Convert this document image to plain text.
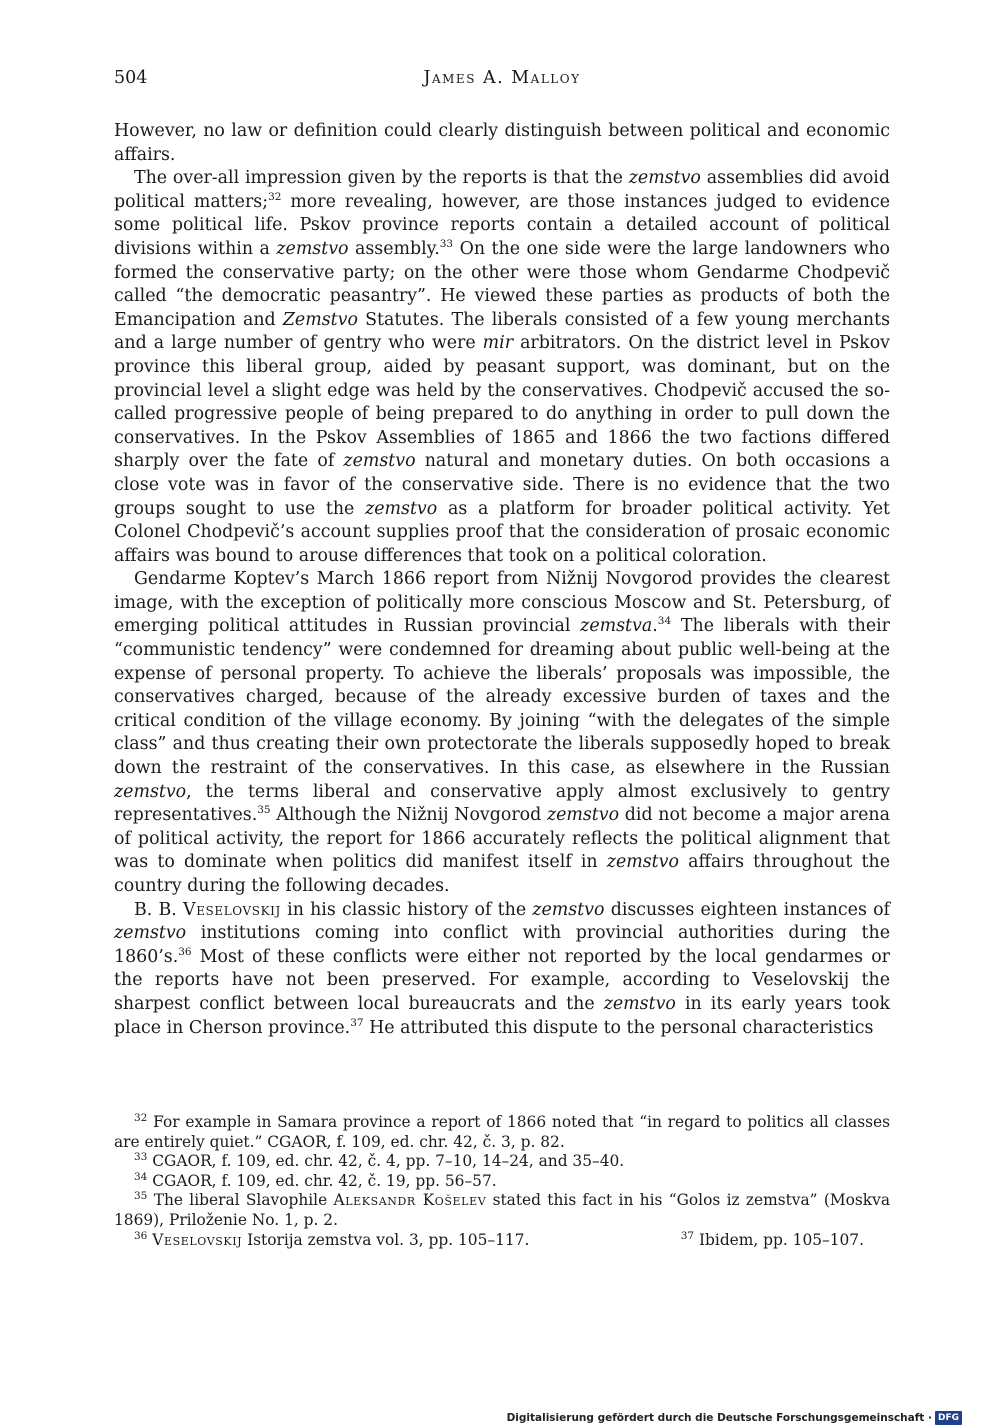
504	James A. Malloy

However, no law or definition could clearly distinguish between political and economic affairs.

The over-all impression given by the reports is that the zemstvo assemblies did avoid political matters;$^{32}$ more revealing, however, are those instances judged to evidence some political life. Pskov province reports contain a detailed account of political divisions within a zemstvo assembly.$^{33}$ On the one side were the large landowners who formed the conservative party; on the other were those whom Gendarme Chodpevič called “the democratic peasantry”. He viewed these parties as products of both the Emancipation and Zemstvo Statutes. The liberals consisted of a few young merchants and a large number of gentry who were mir arbitrators. On the district level in Pskov province this liberal group, aided by peasant support, was dominant, but on the provincial level a slight edge was held by the conservatives. Chodpevič accused the so-called progressive people of being prepared to do anything in order to pull down the conservatives. In the Pskov Assemblies of 1865 and 1866 the two factions differed sharply over the fate of zemstvo natural and monetary duties. On both occasions a close vote was in favor of the conservative side. There is no evidence that the two groups sought to use the zemstvo as a platform for broader political activity. Yet Colonel Chodpevič’s account supplies proof that the consideration of prosaic economic affairs was bound to arouse differences that took on a political coloration.

Gendarme Koptev’s March 1866 report from Nižnij Novgorod provides the clearest image, with the exception of politically more conscious Moscow and St. Petersburg, of emerging political attitudes in Russian provincial zemstva.$^{34}$ The liberals with their “communistic tendency” were condemned for dreaming about public well-being at the expense of personal property. To achieve the liberals’ proposals was impossible, the conservatives charged, because of the already excessive burden of taxes and the critical condition of the village economy. By joining “with the delegates of the simple class” and thus creating their own protectorate the liberals supposedly hoped to break down the restraint of the conservatives. In this case, as elsewhere in the Russian zemstvo, the terms liberal and conservative apply almost exclusively to gentry representatives.$^{35}$ Although the Nižnij Novgorod zemstvo did not become a major arena of political activity, the report for 1866 accurately reflects the political alignment that was to dominate when politics did manifest itself in zemstvo affairs throughout the country during the following decades.

B. B. Veselovskij in his classic history of the zemstvo discusses eighteen instances of zemstvo institutions coming into conflict with provincial authorities during the 1860’s.$^{36}$ Most of these conflicts were either not reported by the local gendarmes or the reports have not been preserved. For example, according to Veselovskij the sharpest conflict between local bureaucrats and the zemstvo in its early years took place in Cherson province.$^{37}$ He attributed this dispute to the personal characteristics

$^{32}$ For example in Samara province a report of 1866 noted that “in regard to politics all classes are entirely quiet.” CGAOR, f. 109, ed. chr. 42, č. 3, p. 82.

$^{33}$ CGAOR, f. 109, ed. chr. 42, č. 4, pp. 7–10, 14–24, and 35–40.

$^{34}$ CGAOR, f. 109, ed. chr. 42, č. 19, pp. 56–57.

$^{35}$ The liberal Slavophile Aleksandr Košelev stated this fact in his “Golos iz zemstva” (Moskva 1869), Priloženie No. 1, p. 2.

$^{36}$ Veselovskij Istorija zemstva vol. 3, pp. 105–117.	$^{37}$ Ibidem, pp. 105–107.
Digitalisierung gefördert durch die Deutsche Forschungsgemeinschaft · DFG
